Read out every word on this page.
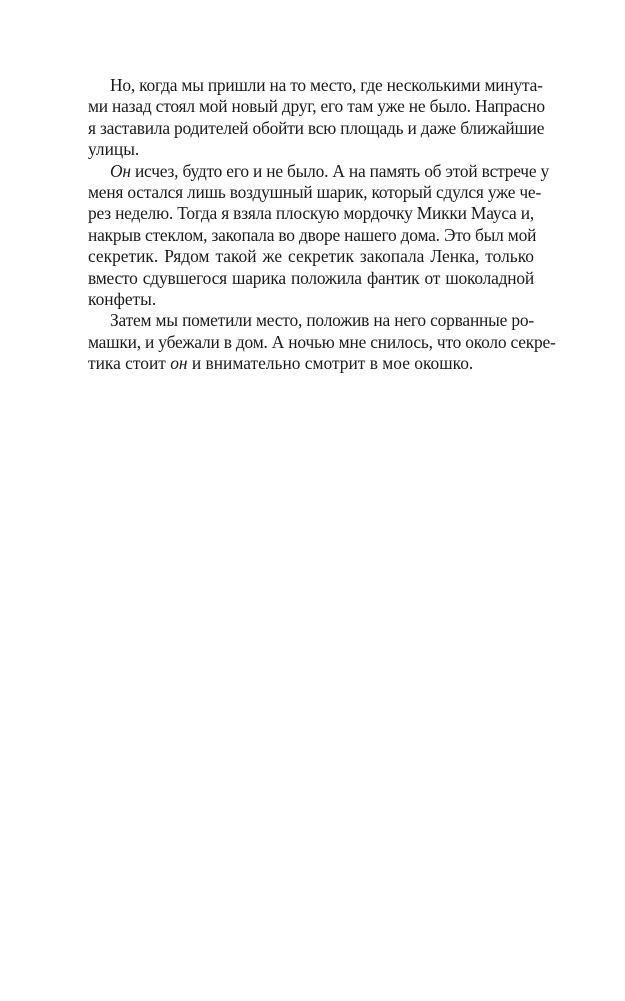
Но, когда мы пришли на то место, где несколькими минута-
ми назад стоял мой новый друг, его там уже не было. Напрасно
я заставила родителей обойти всю площадь и даже ближайшие
улицы.
Он исчез, будто его и не было. А на память об этой встрече у
меня остался лишь воздушный шарик, который сдулся уже че-
рез неделю. Тогда я взяла плоскую мордочку Микки Мауса и,
накрыв стеклом, закопала во дворе нашего дома. Это был мой
секретик. Рядом такой же секретик закопала Ленка, только
вместо сдувшегося шарика положила фантик от шоколадной
конфеты.
Затем мы пометили место, положив на него сорванные ро-
машки, и убежали в дом. А ночью мне снилось, что около секре-
тика стоит он и внимательно смотрит в мое окошко.
